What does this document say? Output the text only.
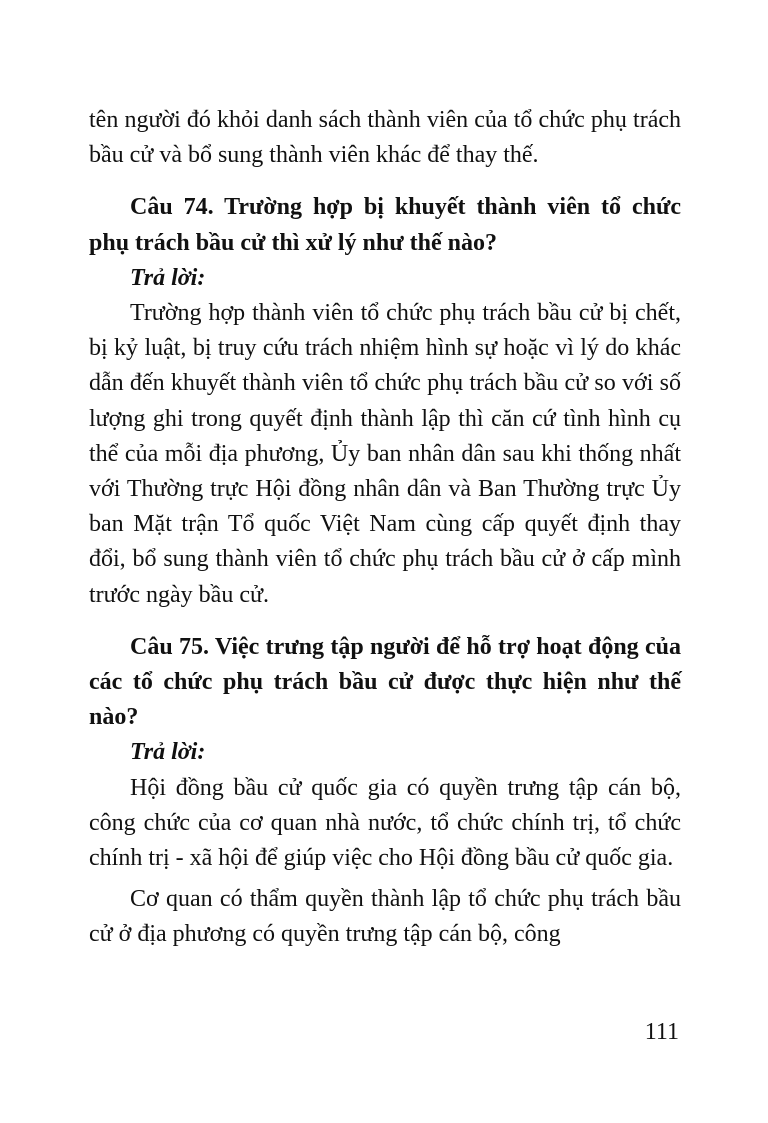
tên người đó khỏi danh sách thành viên của tổ chức phụ trách bầu cử và bổ sung thành viên khác để thay thế.

Câu 74. Trường hợp bị khuyết thành viên tổ chức phụ trách bầu cử thì xử lý như thế nào?

Trả lời:

Trường hợp thành viên tổ chức phụ trách bầu cử bị chết, bị kỷ luật, bị truy cứu trách nhiệm hình sự hoặc vì lý do khác dẫn đến khuyết thành viên tổ chức phụ trách bầu cử so với số lượng ghi trong quyết định thành lập thì căn cứ tình hình cụ thể của mỗi địa phương, Ủy ban nhân dân sau khi thống nhất với Thường trực Hội đồng nhân dân và Ban Thường trực Ủy ban Mặt trận Tổ quốc Việt Nam cùng cấp quyết định thay đổi, bổ sung thành viên tổ chức phụ trách bầu cử ở cấp mình trước ngày bầu cử.

Câu 75. Việc trưng tập người để hỗ trợ hoạt động của các tổ chức phụ trách bầu cử được thực hiện như thế nào?

Trả lời:

Hội đồng bầu cử quốc gia có quyền trưng tập cán bộ, công chức của cơ quan nhà nước, tổ chức chính trị, tổ chức chính trị - xã hội để giúp việc cho Hội đồng bầu cử quốc gia.

Cơ quan có thẩm quyền thành lập tổ chức phụ trách bầu cử ở địa phương có quyền trưng tập cán bộ, công

111
